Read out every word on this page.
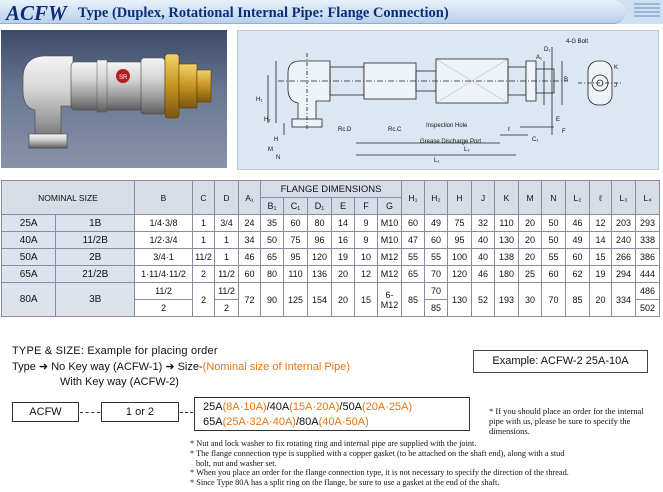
ACFW Type (Duplex, Rotational Internal Pipe: Flange Connection)
SR
4-G Bolt
Inspection Hole
Grease Discharge Port
Rc.D	Rc.C
L₁
L₂
K
M
N
E
F
ℓ
C₁
H₁
H₂
D₁
B
A₁
J
H
NOMINAL SIZE		B	C	D	A₁	FLANGE DIMENSIONS						H₁	H₂	H	J	K	M	N	L₂	ℓ	L₃	L₄
						B₁	C₁	D₁	E	F	G											
25A	1B	1/4·3/8	1	3/4	24	35	60	80	14	9	M10	60	49	75	32	110	20	50	46	12	203	293
40A	11/2B	1/2·3/4	1	1	34	50	75	96	16	9	M10	47	60	95	40	130	20	50	49	14	240	338
50A	2B	3/4·1	11/2	1	46	65	95	120	19	10	M12	55	55	100	40	138	20	55	60	15	266	386
65A	21/2B	1·11/4·11/2	2	11/2	60	80	110	136	20	12	M12	65	70	120	46	180	25	60	62	19	294	444
80A	3B	11/2	2	11/2	72	90	125	154	20	15	6-M12	85	70	130	52	193	30	70	85	20	334	486
		2		2									85									502
TYPE & SIZE: Example for placing order
Type ➜ No Key way (ACFW-1) ➜ Size-(Nominal size of Internal Pipe)
With Key way (ACFW-2)
Example: ACFW-2 25A-10A
ACFW	1 or 2	25A(8A·10A)/40A(15A·20A)/50A(20A·25A)
65A(25A·32A·40A)/80A(40A·50A)
* If you should place an order for the internal pipe with us, please be sure to specify the dimensions.

* Nut and lock washer to fix rotating ring and internal pipe are supplied with the joint.

* The flange connection type is supplied with a copper gasket (to be attached on the shaft end), along with a stud

bolt, nut and washer set.

* When you place an order for the flange connection type, it is not necessary to specify the direction of the thread.

* Since Type 80A has a split ring on the flange, be sure to use a gasket at the end of the shaft.
